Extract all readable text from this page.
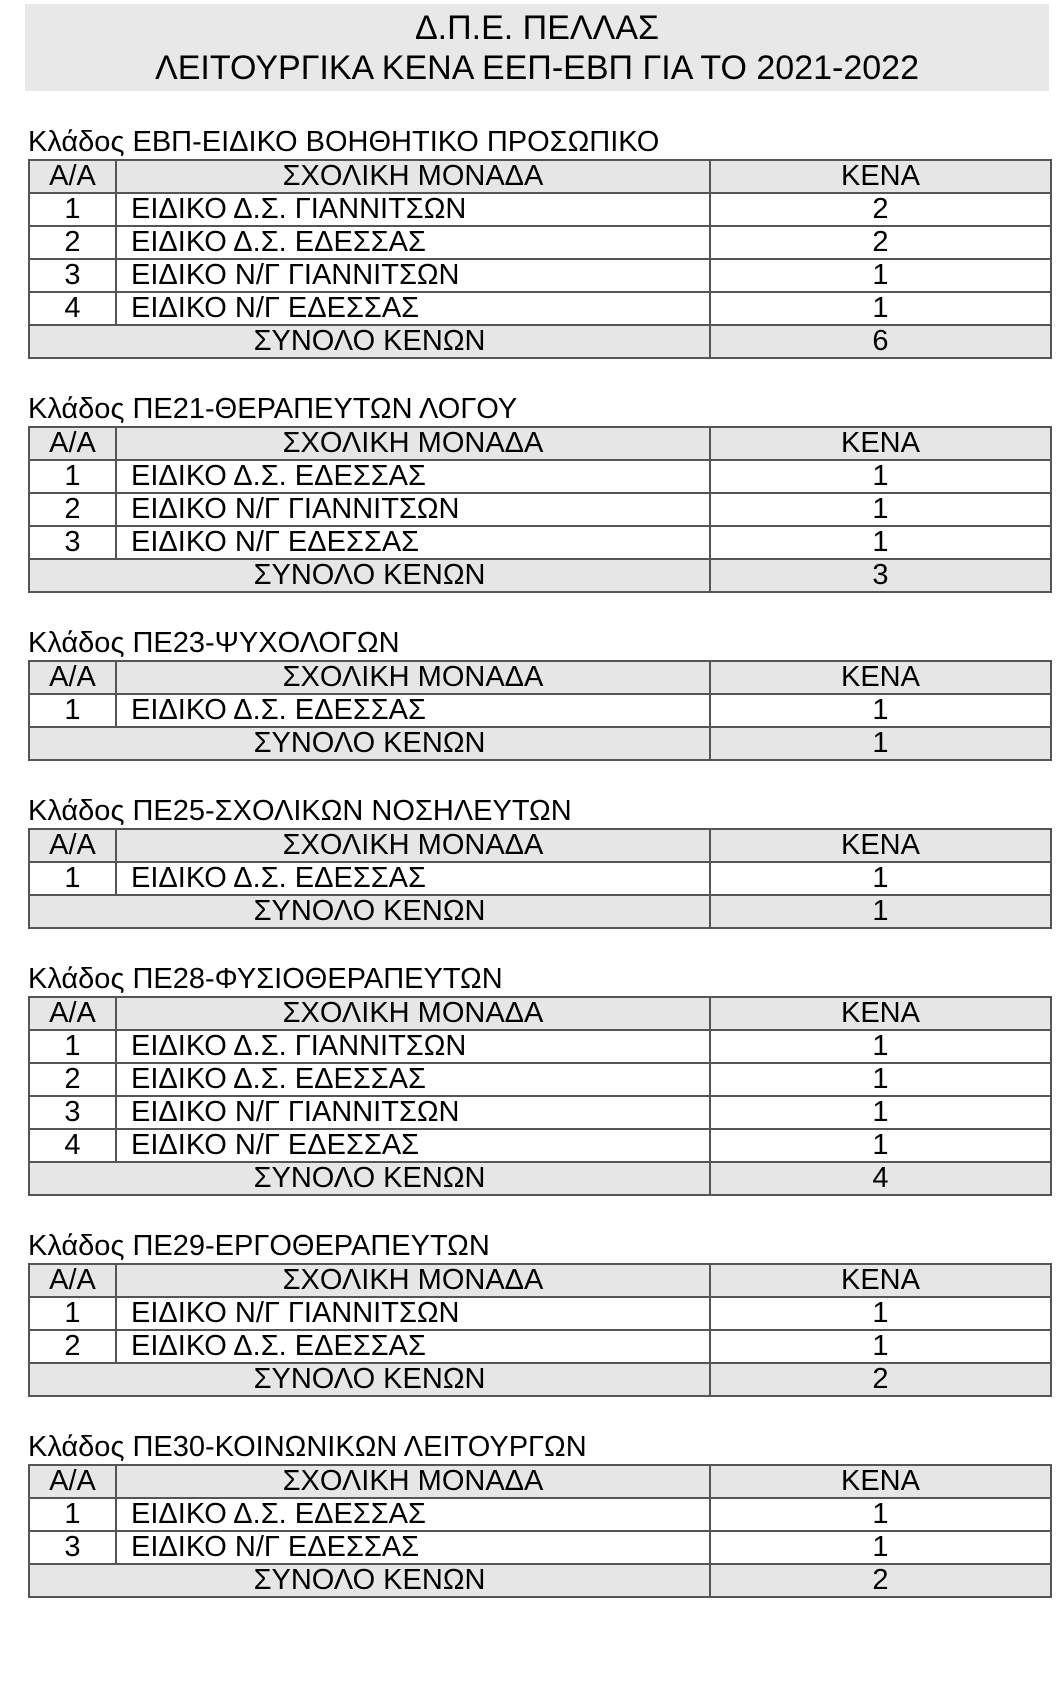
Δ.Π.Ε. ΠΕΛΛΑΣ
ΛΕΙΤΟΥΡΓΙΚΑ ΚΕΝΑ ΕΕΠ-ΕΒΠ ΓΙΑ ΤΟ 2021-2022
Κλάδος ΕΒΠ-ΕΙΔΙΚΟ ΒΟΗΘΗΤΙΚΟ ΠΡΟΣΩΠΙΚΟ
Α/Α	ΣΧΟΛΙΚΗ ΜΟΝΑΔΑ	ΚΕΝΑ
1	ΕΙΔΙΚΟ Δ.Σ. ΓΙΑΝΝΙΤΣΩΝ	2
2	ΕΙΔΙΚΟ Δ.Σ. ΕΔΕΣΣΑΣ	2
3	ΕΙΔΙΚΟ Ν/Γ ΓΙΑΝΝΙΤΣΩΝ	1
4	ΕΙΔΙΚΟ Ν/Γ ΕΔΕΣΣΑΣ	1
ΣΥΝΟΛΟ ΚΕΝΩΝ		6
Κλάδος ΠΕ21-ΘΕΡΑΠΕΥΤΩΝ ΛΟΓΟΥ
Α/Α	ΣΧΟΛΙΚΗ ΜΟΝΑΔΑ	ΚΕΝΑ
1	ΕΙΔΙΚΟ Δ.Σ. ΕΔΕΣΣΑΣ	1
2	ΕΙΔΙΚΟ Ν/Γ ΓΙΑΝΝΙΤΣΩΝ	1
3	ΕΙΔΙΚΟ Ν/Γ ΕΔΕΣΣΑΣ	1
ΣΥΝΟΛΟ ΚΕΝΩΝ		3
Κλάδος ΠΕ23-ΨΥΧΟΛΟΓΩΝ
Α/Α	ΣΧΟΛΙΚΗ ΜΟΝΑΔΑ	ΚΕΝΑ
1	ΕΙΔΙΚΟ Δ.Σ. ΕΔΕΣΣΑΣ	1
ΣΥΝΟΛΟ ΚΕΝΩΝ		1
Κλάδος ΠΕ25-ΣΧΟΛΙΚΩΝ ΝΟΣΗΛΕΥΤΩΝ
Α/Α	ΣΧΟΛΙΚΗ ΜΟΝΑΔΑ	ΚΕΝΑ
1	ΕΙΔΙΚΟ Δ.Σ. ΕΔΕΣΣΑΣ	1
ΣΥΝΟΛΟ ΚΕΝΩΝ		1
Κλάδος ΠΕ28-ΦΥΣΙΟΘΕΡΑΠΕΥΤΩΝ
Α/Α	ΣΧΟΛΙΚΗ ΜΟΝΑΔΑ	ΚΕΝΑ
1	ΕΙΔΙΚΟ Δ.Σ. ΓΙΑΝΝΙΤΣΩΝ	1
2	ΕΙΔΙΚΟ Δ.Σ. ΕΔΕΣΣΑΣ	1
3	ΕΙΔΙΚΟ Ν/Γ ΓΙΑΝΝΙΤΣΩΝ	1
4	ΕΙΔΙΚΟ Ν/Γ ΕΔΕΣΣΑΣ	1
ΣΥΝΟΛΟ ΚΕΝΩΝ		4
Κλάδος ΠΕ29-ΕΡΓΟΘΕΡΑΠΕΥΤΩΝ
Α/Α	ΣΧΟΛΙΚΗ ΜΟΝΑΔΑ	ΚΕΝΑ
1	ΕΙΔΙΚΟ Ν/Γ ΓΙΑΝΝΙΤΣΩΝ	1
2	ΕΙΔΙΚΟ Δ.Σ. ΕΔΕΣΣΑΣ	1
ΣΥΝΟΛΟ ΚΕΝΩΝ		2
Κλάδος ΠΕ30-ΚΟΙΝΩΝΙΚΩΝ ΛΕΙΤΟΥΡΓΩΝ
Α/Α	ΣΧΟΛΙΚΗ ΜΟΝΑΔΑ	ΚΕΝΑ
1	ΕΙΔΙΚΟ Δ.Σ. ΕΔΕΣΣΑΣ	1
3	ΕΙΔΙΚΟ Ν/Γ ΕΔΕΣΣΑΣ	1
ΣΥΝΟΛΟ ΚΕΝΩΝ		2
